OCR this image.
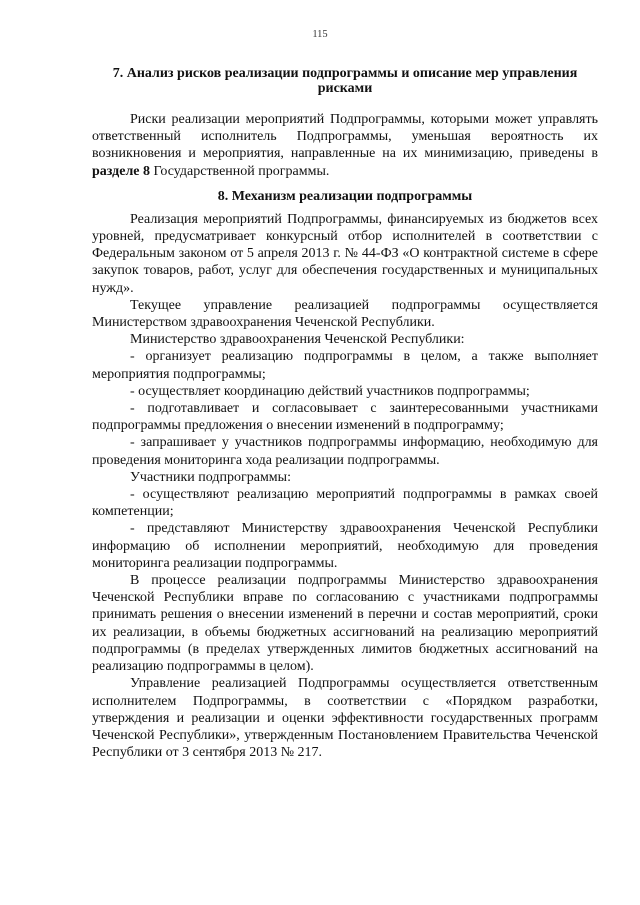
115
7. Анализ рисков реализации подпрограммы и описание мер управления рисками

Риски реализации мероприятий Подпрограммы, которыми может управлять ответственный исполнитель Подпрограммы, уменьшая вероятность их возникновения и мероприятия, направленные на их минимизацию, приведены в разделе 8 Государственной программы.

8. Механизм реализации подпрограммы

Реализация мероприятий Подпрограммы, финансируемых из бюджетов всех уровней, предусматривает конкурсный отбор исполнителей в соответствии с Федеральным законом от 5 апреля 2013 г. № 44-ФЗ «О контрактной системе в сфере закупок товаров, работ, услуг для обеспечения государственных и муниципальных нужд».

Текущее управление реализацией подпрограммы осуществляется Министерством здравоохранения Чеченской Республики.

Министерство здравоохранения Чеченской Республики:

- организует реализацию подпрограммы в целом, а также выполняет мероприятия подпрограммы;

- осуществляет координацию действий участников подпрограммы;

- подготавливает и согласовывает с заинтересованными участниками подпрограммы предложения о внесении изменений в подпрограмму;

- запрашивает у участников подпрограммы информацию, необходимую для проведения мониторинга хода реализации подпрограммы.

Участники подпрограммы:

- осуществляют реализацию мероприятий подпрограммы в рамках своей компетенции;

- представляют Министерству здравоохранения Чеченской Республики информацию об исполнении мероприятий, необходимую для проведения мониторинга реализации подпрограммы.

В процессе реализации подпрограммы Министерство здравоохранения Чеченской Республики вправе по согласованию с участниками подпрограммы принимать решения о внесении изменений в перечни и состав мероприятий, сроки их реализации, в объемы бюджетных ассигнований на реализацию мероприятий подпрограммы (в пределах утвержденных лимитов бюджетных ассигнований на реализацию подпрограммы в целом).

Управление реализацией Подпрограммы осуществляется ответственным исполнителем Подпрограммы, в соответствии с «Порядком разработки, утверждения и реализации и оценки эффективности государственных программ Чеченской Республики», утвержденным Постановлением Правительства Чеченской Республики от 3 сентября 2013 № 217.
